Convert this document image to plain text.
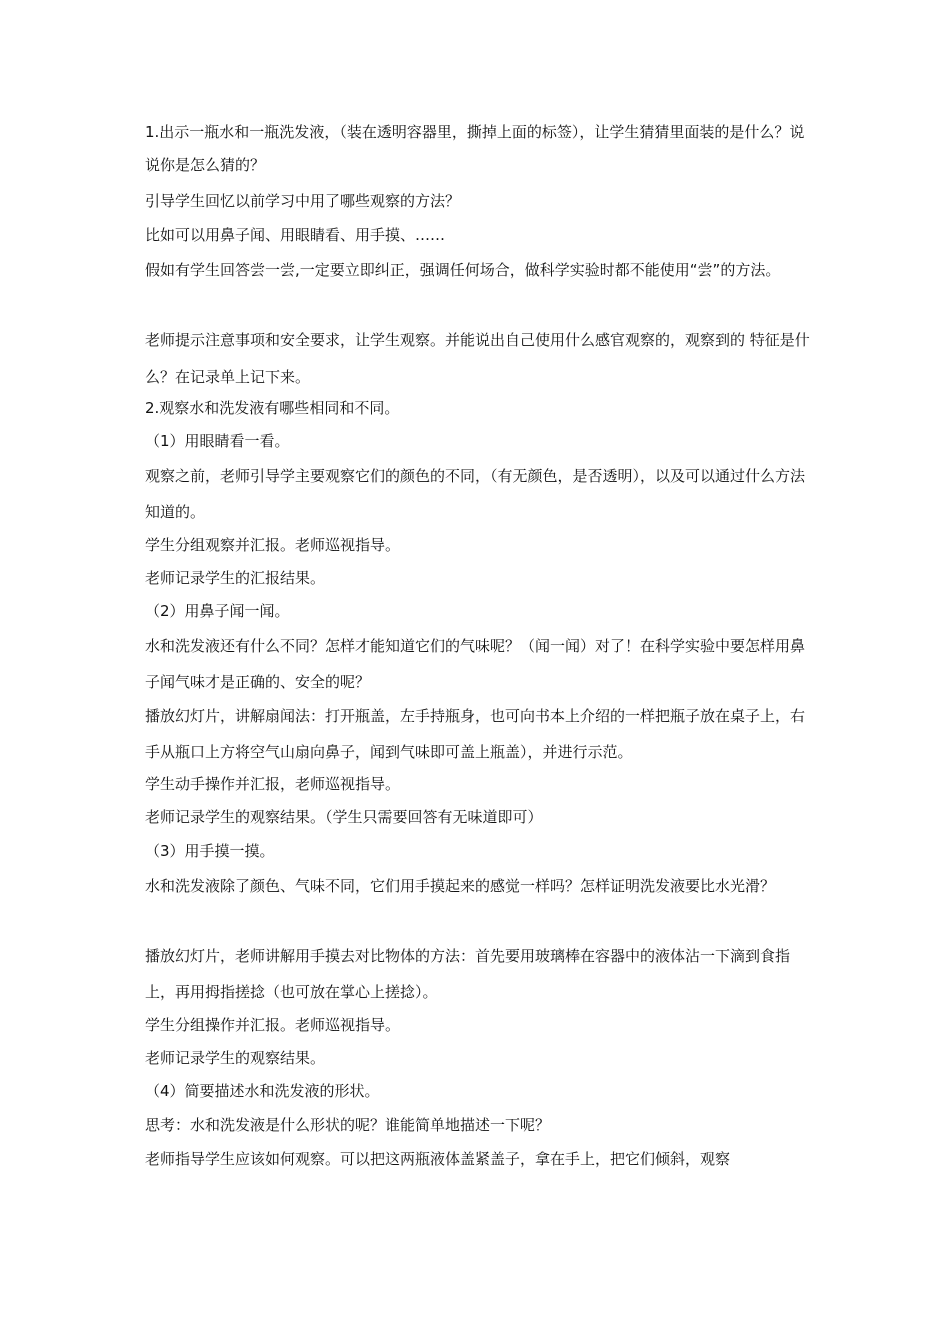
1.出示一瓶水和一瓶洗发液，（装在透明容器里，撕掉上面的标签），让学生猜猜里面装的是什么？说说你是怎么猜的？
引导学生回忆以前学习中用了哪些观察的方法？
比如可以用鼻子闻、用眼睛看、用手摸、……
假如有学生回答尝一尝,一定要立即纠正，强调任何场合，做科学实验时都不能使用“尝”的方法。
老师提示注意事项和安全要求，让学生观察。并能说出自己使用什么感官观察的，观察到的 特征是什么？在记录单上记下来。
2.观察水和洗发液有哪些相同和不同。
（1）用眼睛看一看。
观察之前，老师引导学主要观察它们的颜色的不同，（有无颜色，是否透明），以及可以通过什么方法知道的。
学生分组观察并汇报。老师巡视指导。
老师记录学生的汇报结果。
（2）用鼻子闻一闻。
水和洗发液还有什么不同？怎样才能知道它们的气味呢？（闻一闻）对了！在科学实验中要怎样用鼻子闻气味才是正确的、安全的呢？
播放幻灯片，讲解扇闻法：打开瓶盖，左手持瓶身，也可向书本上介绍的一样把瓶子放在桌子上，右手从瓶口上方将空气山扇向鼻子，闻到气味即可盖上瓶盖），并进行示范。
学生动手操作并汇报，老师巡视指导。
老师记录学生的观察结果。（学生只需要回答有无味道即可）
（3）用手摸一摸。
水和洗发液除了颜色、气味不同，它们用手摸起来的感觉一样吗？怎样证明洗发液要比水光滑？
播放幻灯片，老师讲解用手摸去对比物体的方法：首先要用玻璃棒在容器中的液体沾一下滴到食指上，再用拇指搓捻（也可放在掌心上搓捻）。
学生分组操作并汇报。老师巡视指导。
老师记录学生的观察结果。
（4）简要描述水和洗发液的形状。
思考：水和洗发液是什么形状的呢？谁能简单地描述一下呢？
老师指导学生应该如何观察。可以把这两瓶液体盖紧盖子，拿在手上，把它们倾斜，观察
